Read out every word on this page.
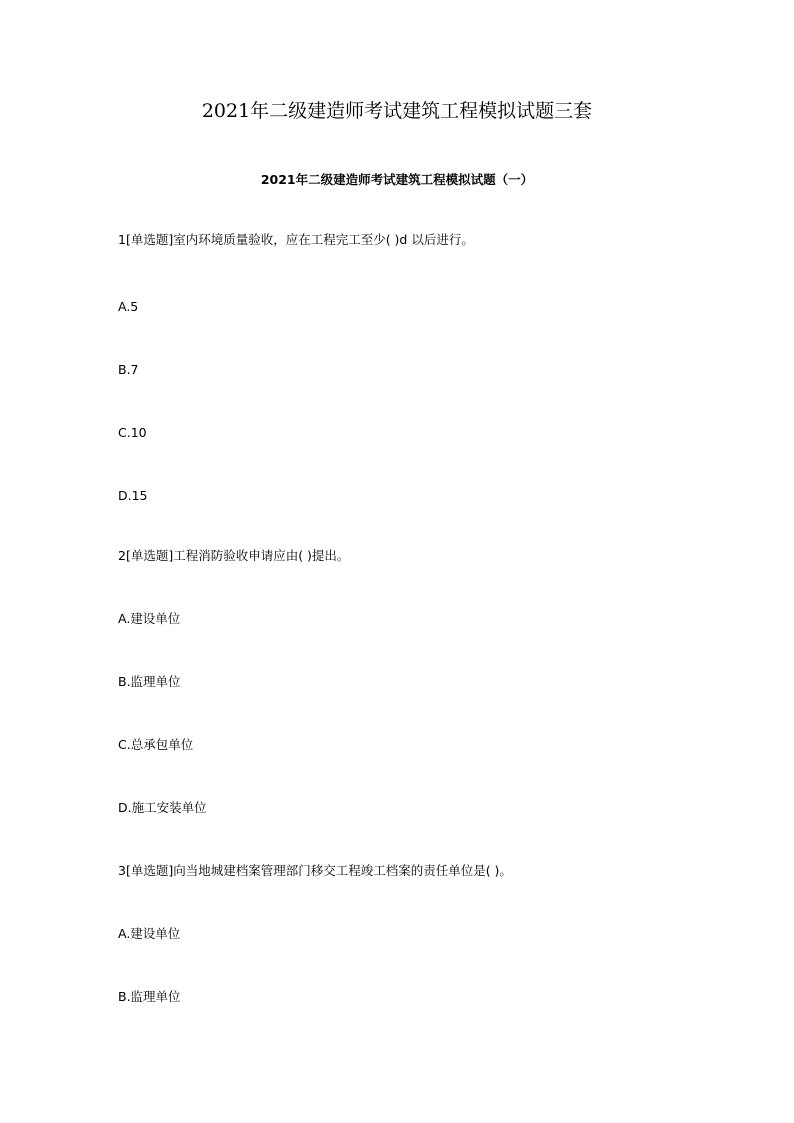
2021年二级建造师考试建筑工程模拟试题三套
2021年二级建造师考试建筑工程模拟试题（一）
1[单选题]室内环境质量验收，应在工程完工至少( )d 以后进行。
A.5
B.7
C.10
D.15
2[单选题]工程消防验收申请应由( )提出。
A.建设单位
B.监理单位
C.总承包单位
D.施工安装单位
3[单选题]向当地城建档案管理部门移交工程竣工档案的责任单位是( )。
A.建设单位
B.监理单位
